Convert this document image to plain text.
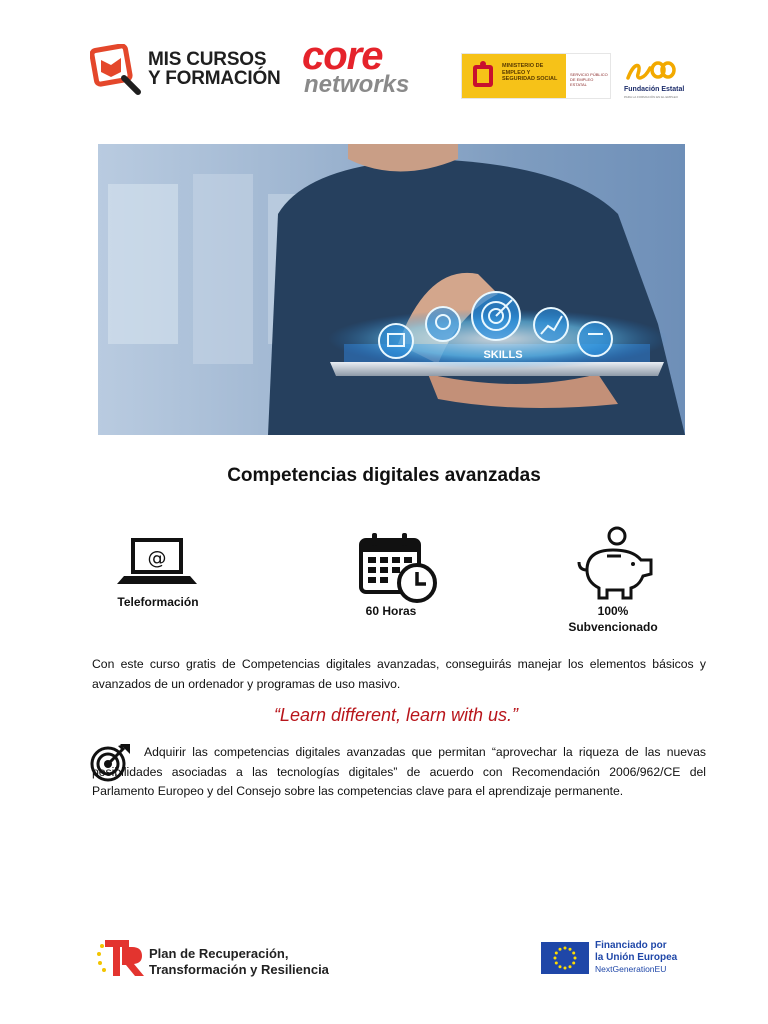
MIS CURSOS
Y FORMACIÓN
core
networks
MINISTERIO DE EMPLEO Y SEGURIDAD SOCIAL
SERVICIO PÚBLICO DE EMPLEO ESTATAL
Fundación Estatal
PARA LA FORMACIÓN EN EL EMPLEO
SKILLS
Competencias digitales avanzadas
@
Teleformación
60 Horas	100%
Subvencionado
Con este curso gratis de Competencias digitales avanzadas, conseguirás manejar los elementos básicos y avanzados de un ordenador y programas de uso masivo.
“Learn different, learn with us.”
Adquirir las competencias digitales avanzadas que permitan “aprovechar la riqueza de las nuevas posibilidades asociadas a las tecnologías digitales” de acuerdo con Recomendación 2006/962/CE del Parlamento Europeo y del Consejo sobre las competencias clave para el aprendizaje permanente.
Plan de Recuperación,
Transformación y Resiliencia
Financiado por
la Unión Europea
NextGenerationEU
